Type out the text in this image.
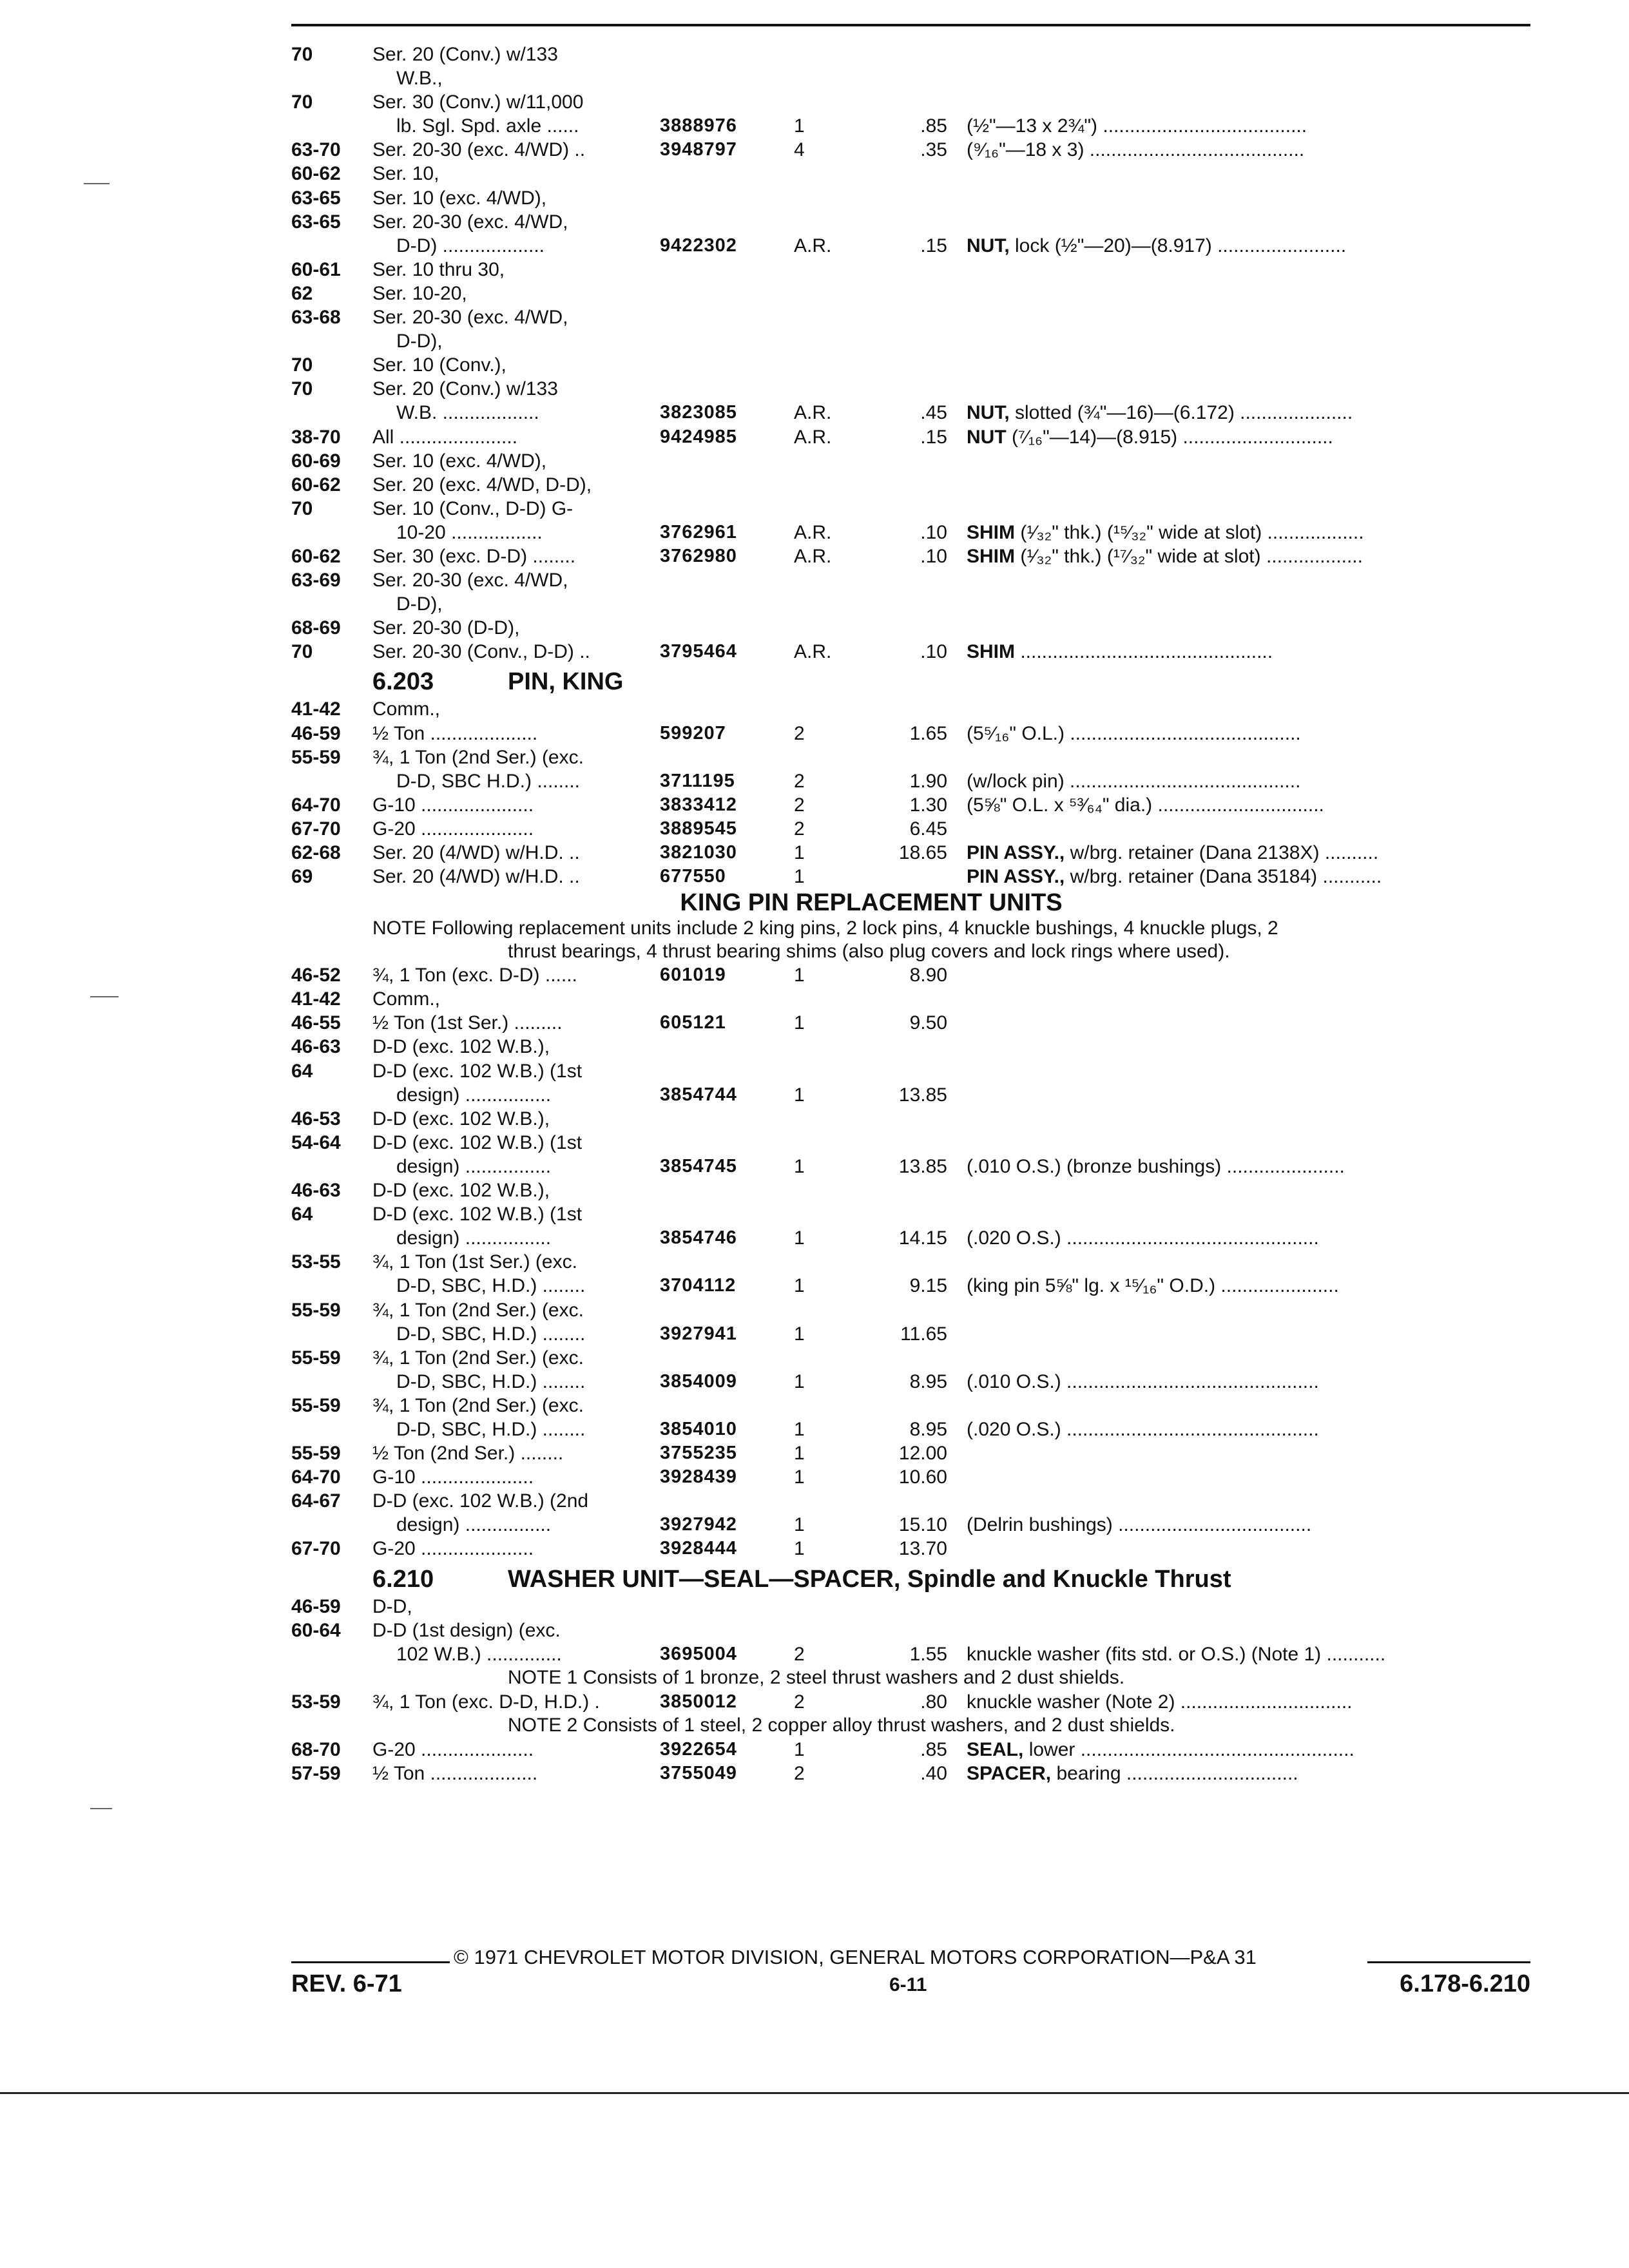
70	Ser. 20 (Conv.) w/133
W.B.,
70	Ser. 30 (Conv.) w/11,000
lb. Sgl. Spd. axle ......	3888976	1	.85 (½"—13 x 2¾") ......................................
63-70 Ser. 20-30 (exc. 4/WD) ..	3948797	4	.35 (⁹⁄₁₆"—18 x 3) ........................................
60-62 Ser. 10,
63-65 Ser. 10 (exc. 4/WD),
63-65 Ser. 20-30 (exc. 4/WD,
D-D) ...................	9422302	A.R.	.15 NUT, lock (½"—20)—(8.917) ........................
60-61 Ser. 10 thru 30,
62	Ser. 10-20,
63-68 Ser. 20-30 (exc. 4/WD,
D-D),
70	Ser. 10 (Conv.),
70	Ser. 20 (Conv.) w/133
W.B. ..................	3823085	A.R.	.45 NUT, slotted (¾"—16)—(6.172) .....................
38-70 All ......................	9424985	A.R.	.15 NUT (⁷⁄₁₆"—14)—(8.915) ............................
60-69 Ser. 10 (exc. 4/WD),
60-62 Ser. 20 (exc. 4/WD, D-D),
70	Ser. 10 (Conv., D-D) G-
10-20 .................	3762961	A.R.	.10 SHIM (¹⁄₃₂" thk.) (¹⁵⁄₃₂" wide at slot) ..................
60-62 Ser. 30 (exc. D-D) ........	3762980	A.R.	.10 SHIM (¹⁄₃₂" thk.) (¹⁷⁄₃₂" wide at slot) ..................
63-69 Ser. 20-30 (exc. 4/WD,
D-D),
68-69 Ser. 20-30 (D-D),
70	Ser. 20-30 (Conv., D-D) ..	3795464	A.R.	.10 SHIM ...............................................
6.203	PIN, KING
41-42 Comm.,
46-59 ½ Ton ....................	599207	2	1.65 (5⁵⁄₁₆" O.L.) ...........................................
55-59 ¾, 1 Ton (2nd Ser.) (exc.
D-D, SBC H.D.) ........	3711195	2	1.90 (w/lock pin) ...........................................
64-70 G-10 .....................	3833412	2	1.30 (5⅝" O.L. x ⁵³⁄₆₄" dia.) ...............................
67-70 G-20 .....................	3889545	2	6.45
62-68 Ser. 20 (4/WD) w/H.D. ..	3821030	1	18.65 PIN ASSY., w/brg. retainer (Dana 2138X) ..........
69	Ser. 20 (4/WD) w/H.D. ..	677550	1	PIN ASSY., w/brg. retainer (Dana 35184) ...........
KING PIN REPLACEMENT UNITS
NOTE Following replacement units include 2 king pins, 2 lock pins, 4 knuckle bushings, 4 knuckle plugs, 2
thrust bearings, 4 thrust bearing shims (also plug covers and lock rings where used).
46-52 ¾, 1 Ton (exc. D-D) ......	601019	1	8.90
41-42 Comm.,
46-55 ½ Ton (1st Ser.) .........	605121	1	9.50
46-63 D-D (exc. 102 W.B.),
64	D-D (exc. 102 W.B.) (1st
design) ................	3854744	1	13.85
46-53 D-D (exc. 102 W.B.),
54-64 D-D (exc. 102 W.B.) (1st
design) ................	3854745	1	13.85 (.010 O.S.) (bronze bushings) ......................
46-63 D-D (exc. 102 W.B.),
64	D-D (exc. 102 W.B.) (1st
design) ................	3854746	1	14.15 (.020 O.S.) ...............................................
53-55 ¾, 1 Ton (1st Ser.) (exc.
D-D, SBC, H.D.) ........	3704112	1	9.15 (king pin 5⅝" lg. x ¹⁵⁄₁₆" O.D.) ......................
55-59 ¾, 1 Ton (2nd Ser.) (exc.
D-D, SBC, H.D.) ........	3927941	1	11.65
55-59 ¾, 1 Ton (2nd Ser.) (exc.
D-D, SBC, H.D.) ........	3854009	1	8.95 (.010 O.S.) ...............................................
55-59 ¾, 1 Ton (2nd Ser.) (exc.
D-D, SBC, H.D.) ........	3854010	1	8.95 (.020 O.S.) ...............................................
55-59 ½ Ton (2nd Ser.) ........	3755235	1	12.00
64-70 G-10 .....................	3928439	1	10.60
64-67 D-D (exc. 102 W.B.) (2nd
design) ................	3927942	1	15.10 (Delrin bushings) ....................................
67-70 G-20 .....................	3928444	1	13.70
6.210	WASHER UNIT—SEAL—SPACER, Spindle and Knuckle Thrust
46-59 D-D,
60-64 D-D (1st design) (exc.
102 W.B.) ..............	3695004	2	1.55 knuckle washer (fits std. or O.S.) (Note 1) ...........
NOTE 1 Consists of 1 bronze, 2 steel thrust washers and 2 dust shields.
53-59 ¾, 1 Ton (exc. D-D, H.D.) .	3850012	2	.80 knuckle washer (Note 2) ................................
NOTE 2 Consists of 1 steel, 2 copper alloy thrust washers, and 2 dust shields.
68-70 G-20 .....................	3922654	1	.85 SEAL, lower ...................................................
57-59 ½ Ton ....................	3755049	2	.40 SPACER, bearing ................................
© 1971 CHEVROLET MOTOR DIVISION, GENERAL MOTORS CORPORATION—P&A 31
REV. 6-71	6-11	6.178-6.210
